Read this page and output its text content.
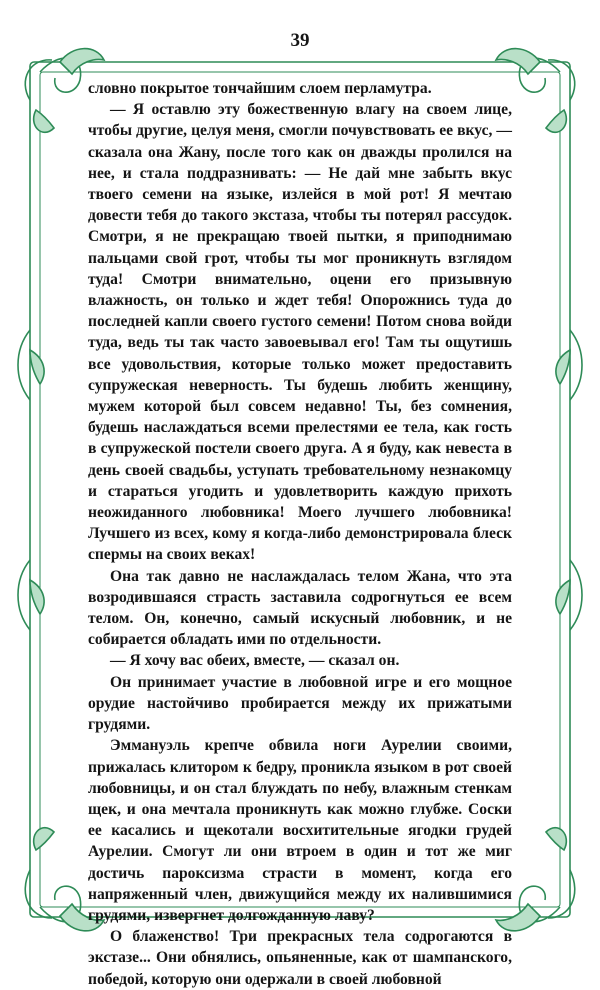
39

словно покрытое тончайшим слоем перламутра.

— Я оставлю эту божественную влагу на своем лице, чтобы другие, целуя меня, смогли почувствовать ее вкус, — сказала она Жану, после того как он дважды пролился на нее, и стала поддразнивать: — Не дай мне забыть вкус твоего семени на языке, излейся в мой рот! Я мечтаю довести тебя до такого экстаза, чтобы ты потерял рассудок. Смотри, я не прекращаю твоей пытки, я приподнимаю пальцами свой грот, чтобы ты мог проникнуть взглядом туда! Смотри внимательно, оцени его призывную влажность, он только и ждет тебя! Опорожнись туда до последней капли своего густого семени! Потом снова войди туда, ведь ты так часто завоевывал его! Там ты ощутишь все удовольствия, которые только может предоставить супружеская неверность. Ты будешь любить женщину, мужем которой был совсем недавно! Ты, без сомнения, будешь наслаждаться всеми прелестями ее тела, как гость в супружеской постели своего друга. А я буду, как невеста в день своей свадьбы, уступать требовательному незнакомцу и стараться угодить и удовлетворить каждую прихоть неожиданного любовника! Моего лучшего любовника! Лучшего из всех, кому я когда-либо демонстрировала блеск спермы на своих веках!

Она так давно не наслаждалась телом Жана, что эта возродившаяся страсть заставила содрогнуться ее всем телом. Он, конечно, самый искусный любовник, и не собирается обладать ими по отдельности.

— Я хочу вас обеих, вместе, — сказал он.

Он принимает участие в любовной игре и его мощное орудие настойчиво пробирается между их прижатыми грудями.

Эммануэль крепче обвила ноги Аурелии своими, прижалась клитором к бедру, проникла языком в рот своей любовницы, и он стал блуждать по небу, влажным стенкам щек, и она мечтала проникнуть как можно глубже. Соски ее касались и щекотали восхитительные ягодки грудей Аурелии. Смогут ли они втроем в один и тот же миг достичь пароксизма страсти в момент, когда его напряженный член, движущийся между их налившимися грудями, извергнет долгожданную лаву?

О блаженство! Три прекрасных тела содрогаются в экстазе... Они обнялись, опьяненные, как от шампанского, победой, которую они одержали в своей любовной
